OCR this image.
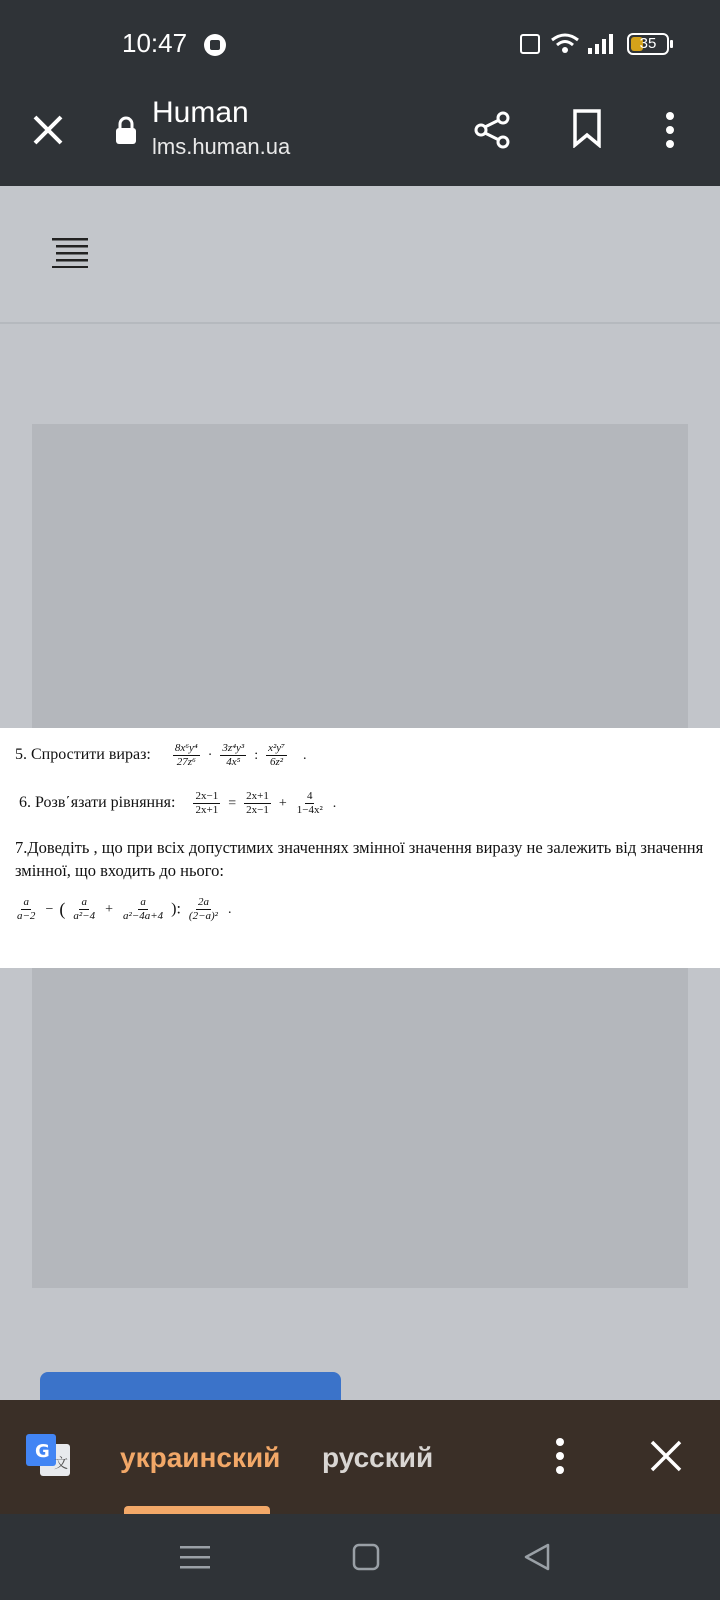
10:47	35
Human
lms.human.ua
5. Спростити вираз: $\frac{\text{8x⁶y⁴}}{\text{27z⁶}} \cdot \frac{\text{3z⁴y³}}{\text{4x⁵}}$ : $\frac{\text{x²y⁷}}{\text{6z²}}$ .
6. Розв΄язати рівняння: $\frac{2x-1}{2x+1} = \frac{2x+1}{2x-1} + \frac{4}{\text{1−4x²}}$ .
7.Доведіть , що при всіх допустимих значеннях змінної значення виразу не залежить від значення змінної, що входить до нього:
$\frac{a}{a-2}$ − ( $\frac{a}{\text{a²−4}} + \frac{a}{\text{a²−4a+4}}$ ): $\frac{2a}{\text{(2−a)²}}$ .
G
文 украинский русский
